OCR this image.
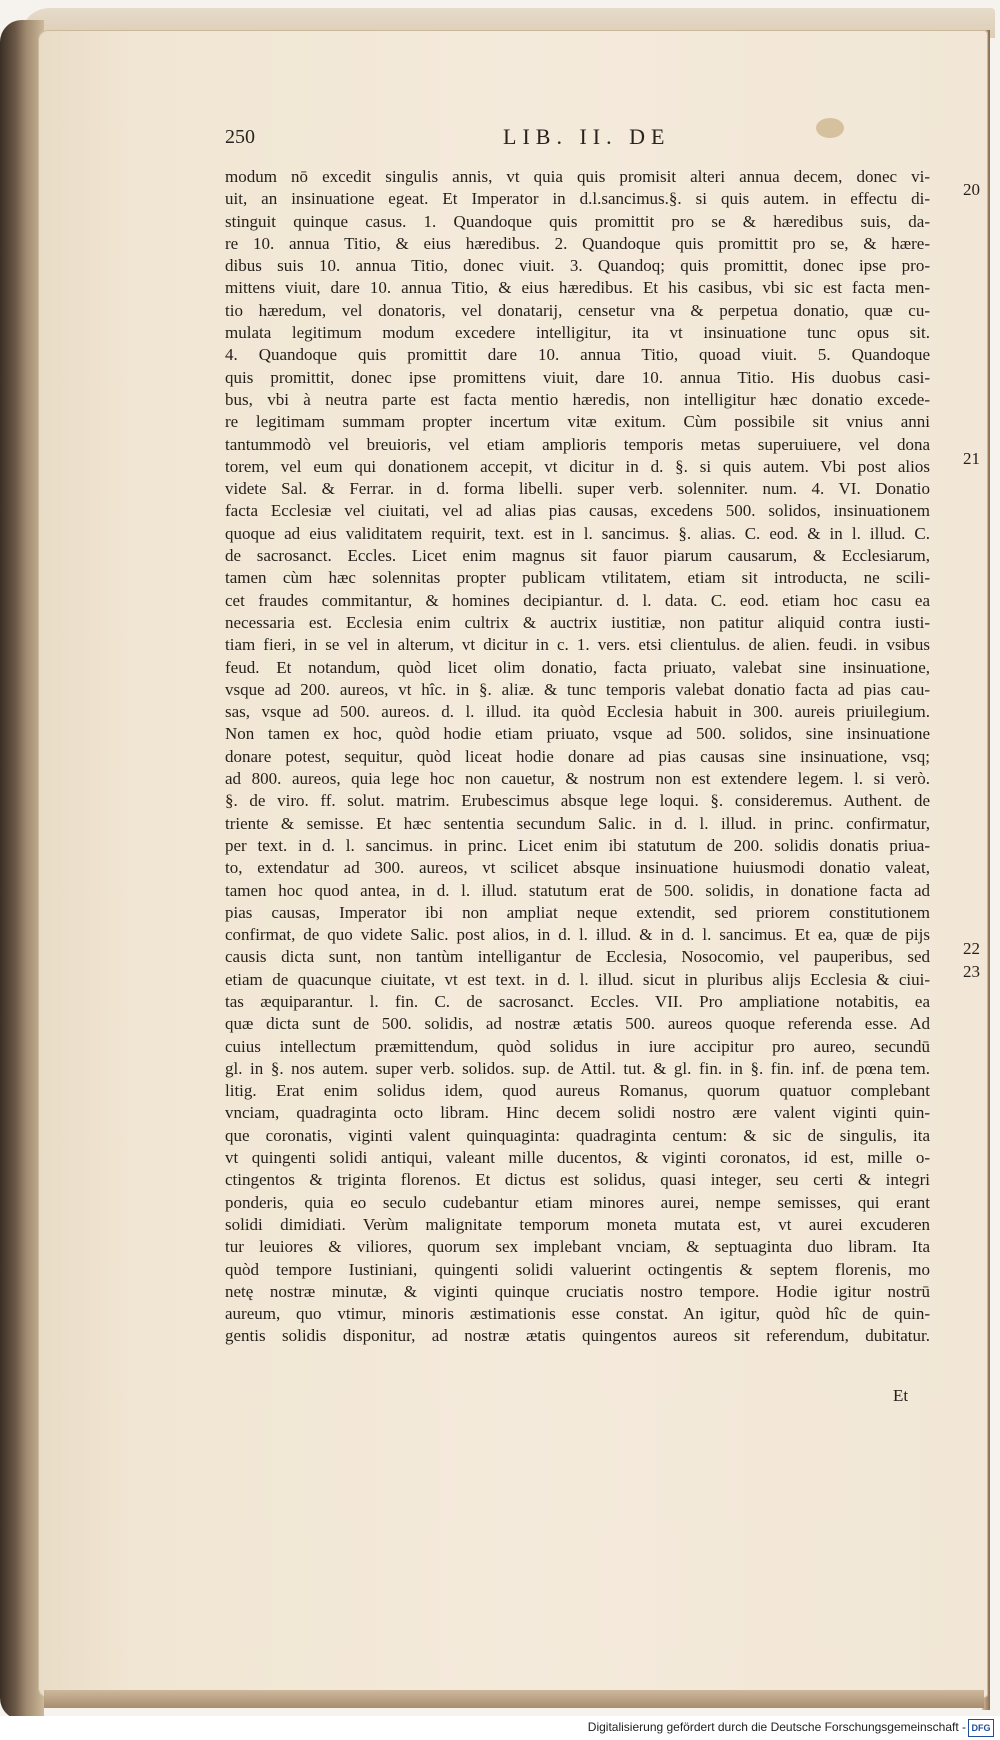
250	LIB. II. DE
modum nō excedit singulis annis, vt quia quis promisit alteri annua decem, donec vi-
uit, an insinuatione egeat. Et Imperator in d.l.sancimus.§. si quis autem. in effectu di-
stinguit quinque casus. 1. Quandoque quis promittit pro se & hæredibus suis, da-
re 10. annua Titio, & eius hæredibus. 2. Quandoque quis promittit pro se, & hære-
dibus suis 10. annua Titio, donec viuit. 3. Quandoq; quis promittit, donec ipse pro-
mittens viuit, dare 10. annua Titio, & eius hæredibus. Et his casibus, vbi sic est facta men-
tio hæredum, vel donatoris, vel donatarij, censetur vna & perpetua donatio, quæ cu-
mulata legitimum modum excedere intelligitur, ita vt insinuatione tunc opus sit.
4. Quandoque quis promittit dare 10. annua Titio, quoad viuit. 5. Quandoque
quis promittit, donec ipse promittens viuit, dare 10. annua Titio. His duobus casi-
bus, vbi à neutra parte est facta mentio hæredis, non intelligitur hæc donatio excede-
re legitimam summam propter incertum vitæ exitum. Cùm possibile sit vnius anni
tantummodò vel breuioris, vel etiam amplioris temporis metas superuiuere, vel dona
torem, vel eum qui donationem accepit, vt dicitur in d. §. si quis autem. Vbi post alios
videte Sal. & Ferrar. in d. forma libelli. super verb. solenniter. num. 4. VI. Donatio
facta Ecclesiæ vel ciuitati, vel ad alias pias causas, excedens 500. solidos, insinuationem
quoque ad eius validitatem requirit, text. est in l. sancimus. §. alias. C. eod. & in l. illud. C.
de sacrosanct. Eccles. Licet enim magnus sit fauor piarum causarum, & Ecclesiarum,
tamen cùm hæc solennitas propter publicam vtilitatem, etiam sit introducta, ne scili-
cet fraudes commitantur, & homines decipiantur. d. l. data. C. eod. etiam hoc casu ea
necessaria est. Ecclesia enim cultrix & auctrix iustitiæ, non patitur aliquid contra iusti-
tiam fieri, in se vel in alterum, vt dicitur in c. 1. vers. etsi clientulus. de alien. feudi. in vsibus
feud. Et notandum, quòd licet olim donatio, facta priuato, valebat sine insinuatione,
vsque ad 200. aureos, vt hîc. in §. aliæ. & tunc temporis valebat donatio facta ad pias cau-
sas, vsque ad 500. aureos. d. l. illud. ita quòd Ecclesia habuit in 300. aureis priuilegium.
Non tamen ex hoc, quòd hodie etiam priuato, vsque ad 500. solidos, sine insinuatione
donare potest, sequitur, quòd liceat hodie donare ad pias causas sine insinuatione, vsq;
ad 800. aureos, quia lege hoc non cauetur, & nostrum non est extendere legem. l. si verò.
§. de viro. ff. solut. matrim. Erubescimus absque lege loqui. §. consideremus. Authent. de
triente & semisse. Et hæc sententia secundum Salic. in d. l. illud. in princ. confirmatur,
per text. in d. l. sancimus. in princ. Licet enim ibi statutum de 200. solidis donatis priua-
to, extendatur ad 300. aureos, vt scilicet absque insinuatione huiusmodi donatio valeat,
tamen hoc quod antea, in d. l. illud. statutum erat de 500. solidis, in donatione facta ad
pias causas, Imperator ibi non ampliat neque extendit, sed priorem constitutionem
confirmat, de quo videte Salic. post alios, in d. l. illud. & in d. l. sancimus. Et ea, quæ de pijs
causis dicta sunt, non tantùm intelligantur de Ecclesia, Nosocomio, vel pauperibus, sed
etiam de quacunque ciuitate, vt est text. in d. l. illud. sicut in pluribus alijs Ecclesia & ciui-
tas æquiparantur. l. fin. C. de sacrosanct. Eccles. VII. Pro ampliatione notabitis, ea
quæ dicta sunt de 500. solidis, ad nostræ ætatis 500. aureos quoque referenda esse. Ad
cuius intellectum præmittendum, quòd solidus in iure accipitur pro aureo, secundū
gl. in §. nos autem. super verb. solidos. sup. de Attil. tut. & gl. fin. in §. fin. inf. de pœna tem.
litig. Erat enim solidus idem, quod aureus Romanus, quorum quatuor complebant
vnciam, quadraginta octo libram. Hinc decem solidi nostro ære valent viginti quin-
que coronatis, viginti valent quinquaginta: quadraginta centum: & sic de singulis, ita
vt quingenti solidi antiqui, valeant mille ducentos, & viginti coronatos, id est, mille o-
ctingentos & triginta florenos. Et dictus est solidus, quasi integer, seu certi & integri
ponderis, quia eo seculo cudebantur etiam minores aurei, nempe semisses, qui erant
solidi dimidiati. Verùm malignitate temporum moneta mutata est, vt aurei excuderen
tur leuiores & viliores, quorum sex implebant vnciam, & septuaginta duo libram. Ita
quòd tempore Iustiniani, quingenti solidi valuerint octingentis & septem florenis, mo
netę nostræ minutæ, & viginti quinque cruciatis nostro tempore. Hodie igitur nostrū
aureum, quo vtimur, minoris æstimationis esse constat. An igitur, quòd hîc de quin-
gentis solidis disponitur, ad nostræ ætatis quingentos aureos sit referendum, dubitatur.
20
21
22
23
Et
Digitalisierung gefördert durch die Deutsche Forschungsgemeinschaft - DFG
